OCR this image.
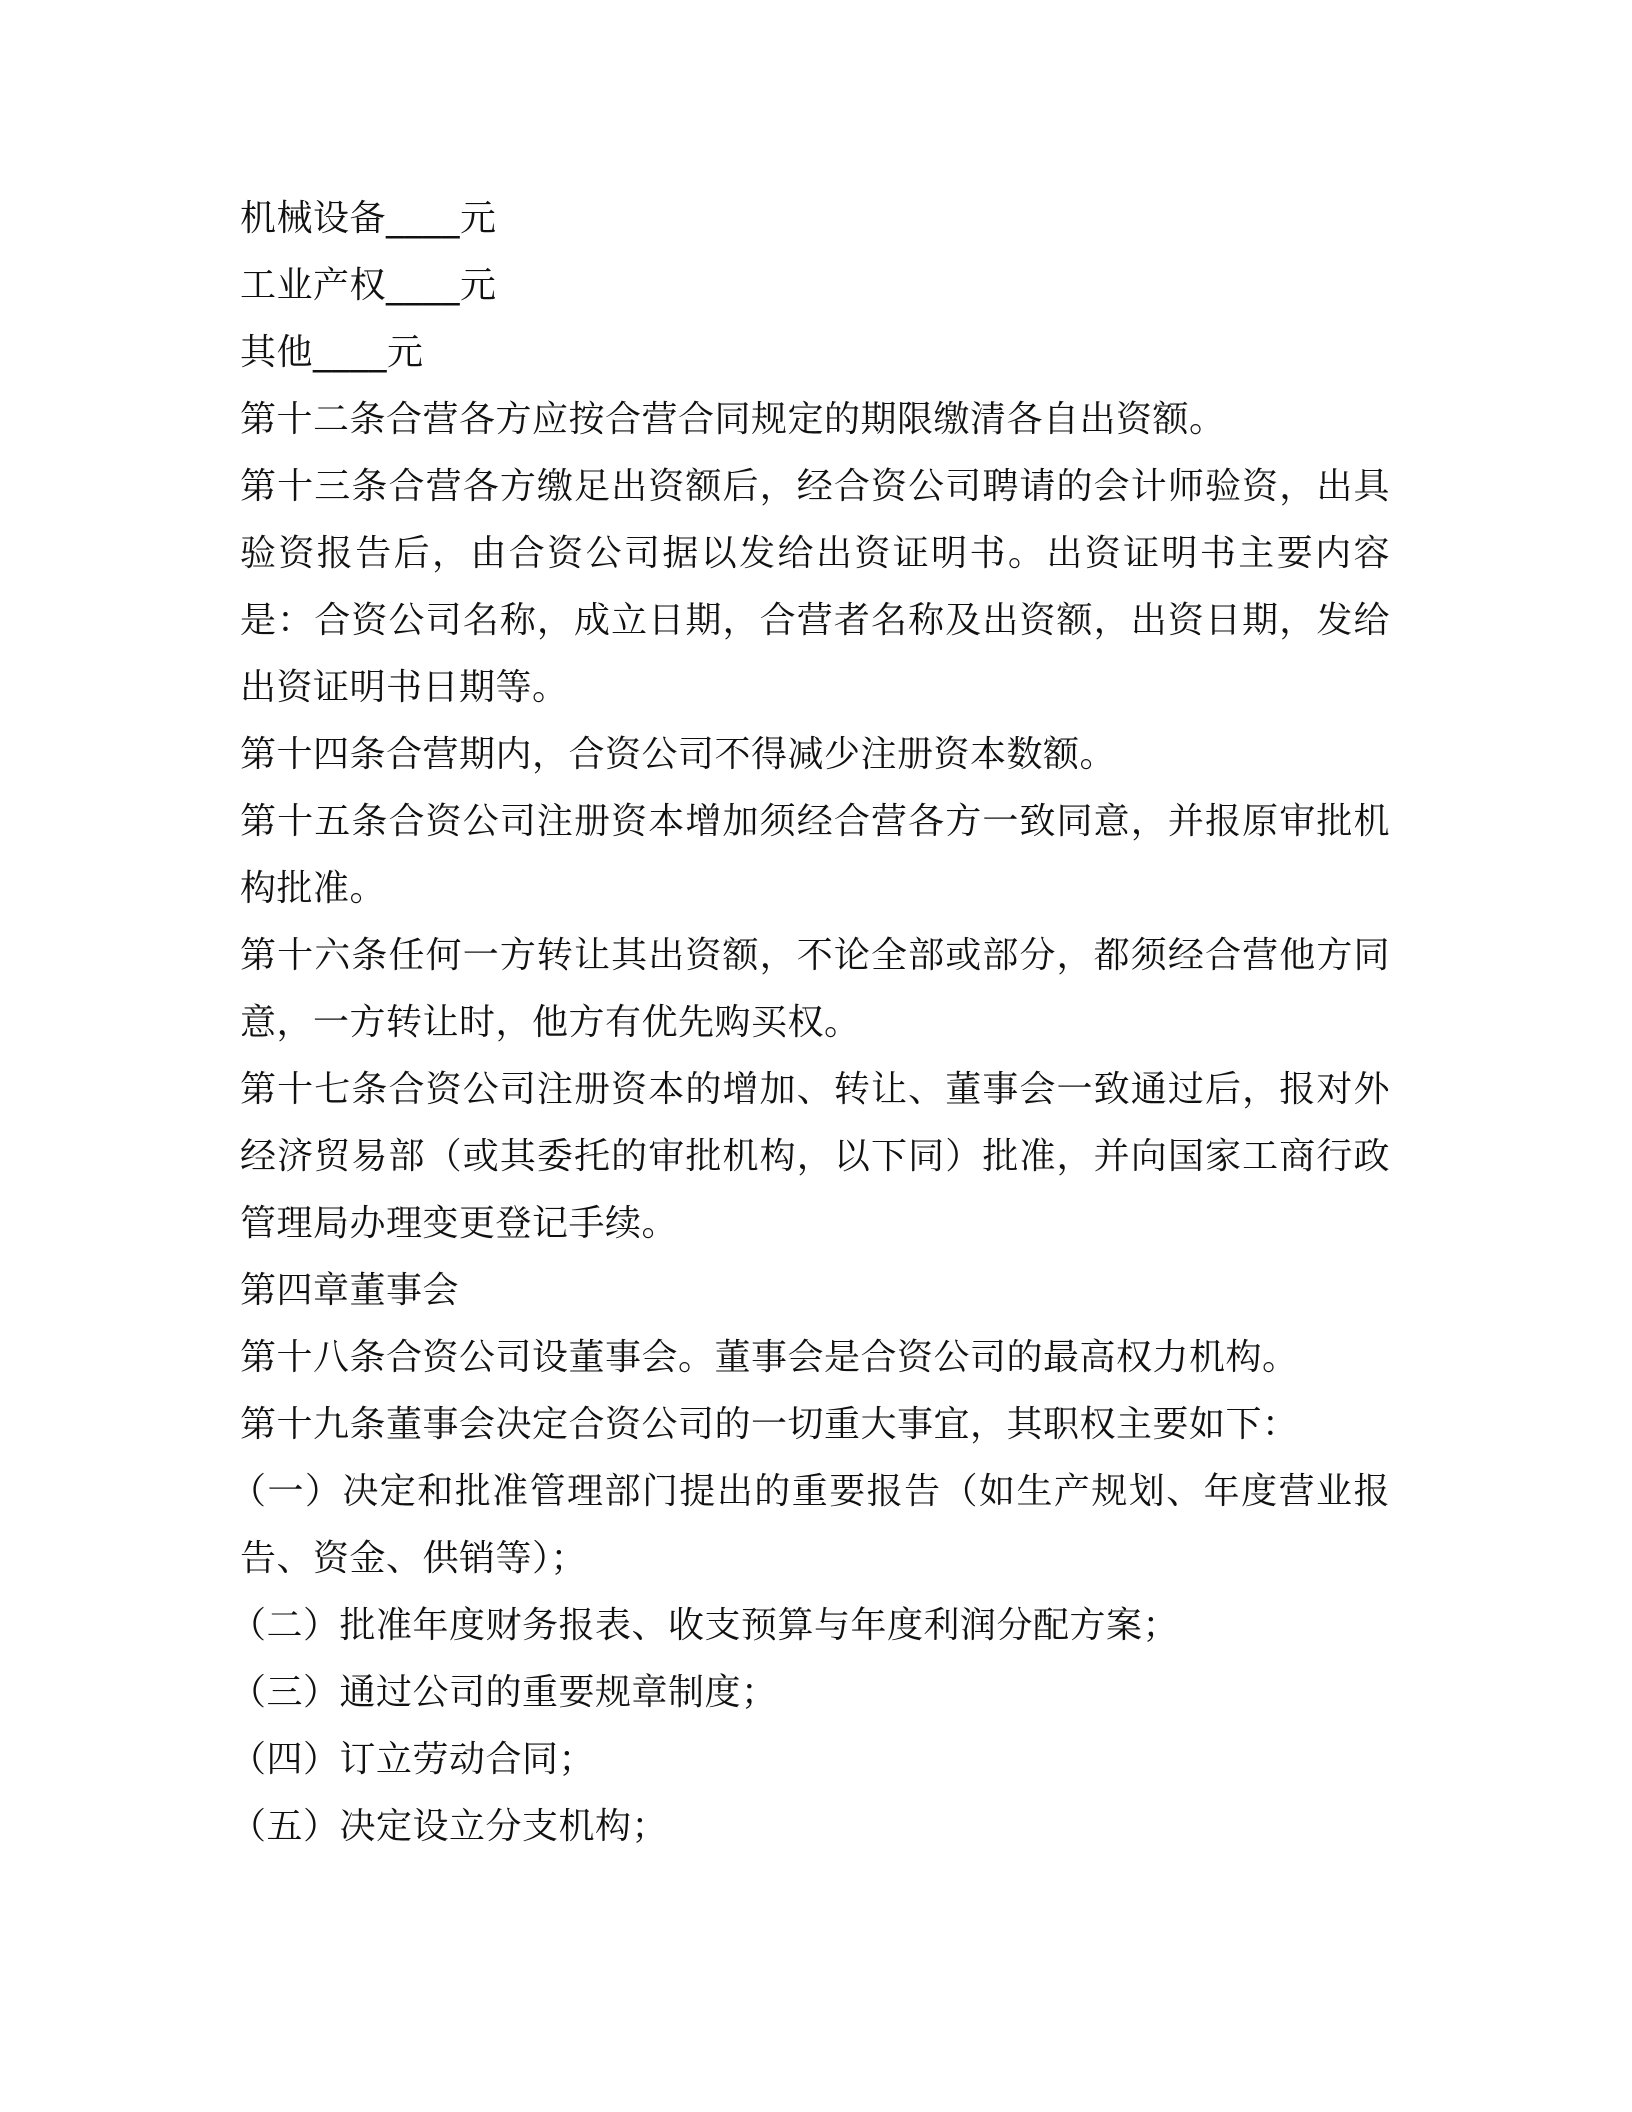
机械设备____元

工业产权____元

其他____元

第十二条合营各方应按合营合同规定的期限缴清各自出资额。

第十三条合营各方缴足出资额后，经合资公司聘请的会计师验资，出具验资报告后，由合资公司据以发给出资证明书。出资证明书主要内容是：合资公司名称，成立日期，合营者名称及出资额，出资日期，发给出资证明书日期等。

第十四条合营期内，合资公司不得减少注册资本数额。

第十五条合资公司注册资本增加须经合营各方一致同意，并报原审批机构批准。

第十六条任何一方转让其出资额，不论全部或部分，都须经合营他方同意，一方转让时，他方有优先购买权。

第十七条合资公司注册资本的增加、转让、董事会一致通过后，报对外经济贸易部（或其委托的审批机构，以下同）批准，并向国家工商行政管理局办理变更登记手续。

第四章董事会

第十八条合资公司设董事会。董事会是合资公司的最高权力机构。

第十九条董事会决定合资公司的一切重大事宜，其职权主要如下：

（一）决定和批准管理部门提出的重要报告（如生产规划、年度营业报告、资金、供销等）；

（二）批准年度财务报表、收支预算与年度利润分配方案；

（三）通过公司的重要规章制度；

（四）订立劳动合同；

（五）决定设立分支机构；
